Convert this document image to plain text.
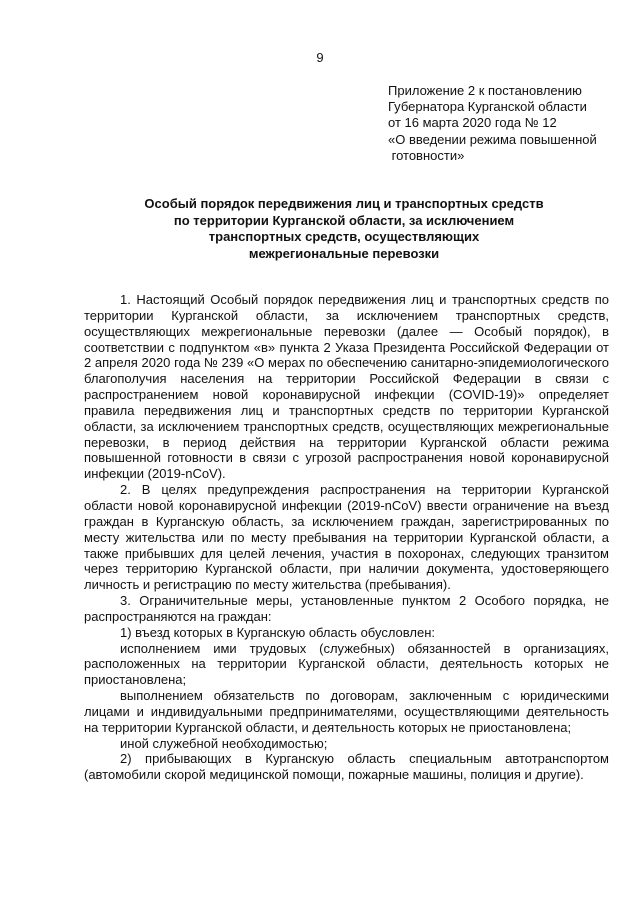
9
Приложение 2 к постановлению
Губернатора Курганской области
от 16 марта 2020 года № 12
«О введении режима повышенной
готовности»
Особый порядок передвижения лиц и транспортных средств
по территории Курганской области, за исключением
транспортных средств, осуществляющих
межрегиональные перевозки

1. Настоящий Особый порядок передвижения лиц и транспортных средств по территории Курганской области, за исключением транспортных средств, осуществляющих межрегиональные перевозки (далее — Особый порядок), в соответствии с подпунктом «в» пункта 2 Указа Президента Российской Федерации от 2 апреля 2020 года № 239 «О мерах по обеспечению санитарно-эпидемиологического благополучия населения на территории Российской Федерации в связи с распространением новой коронавирусной инфекции (COVID-19)» определяет правила передвижения лиц и транспортных средств по территории Курганской области, за исключением транспортных средств, осуществляющих межрегиональные перевозки, в период действия на территории Курганской области режима повышенной готовности в связи с угрозой распространения новой коронавирусной инфекции (2019-nCoV).

2. В целях предупреждения распространения на территории Курганской области новой коронавирусной инфекции (2019-nCoV) ввести ограничение на въезд граждан в Курганскую область, за исключением граждан, зарегистрированных по месту жительства или по месту пребывания на территории Курганской области, а также прибывших для целей лечения, участия в похоронах, следующих транзитом через территорию Курганской области, при наличии документа, удостоверяющего личность и регистрацию по месту жительства (пребывания).

3. Ограничительные меры, установленные пунктом 2 Особого порядка, не распространяются на граждан:

1) въезд которых в Курганскую область обусловлен:

исполнением ими трудовых (служебных) обязанностей в организациях, расположенных на территории Курганской области, деятельность которых не приостановлена;

выполнением обязательств по договорам, заключенным с юридическими лицами и индивидуальными предпринимателями, осуществляющими деятельность на территории Курганской области, и деятельность которых не приостановлена;

иной служебной необходимостью;

2) прибывающих в Курганскую область специальным автотранспортом (автомобили скорой медицинской помощи, пожарные машины, полиция и другие).
